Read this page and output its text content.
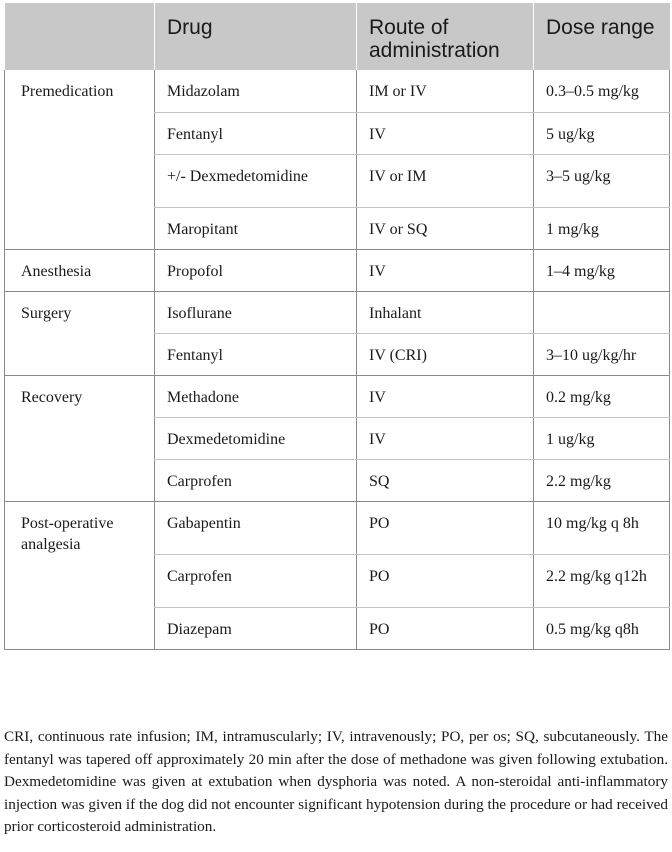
	Drug	Route of administration	Dose range

Premedication	Midazolam	IM or IV	0.3–0.5 mg/kg

	Fentanyl	IV	5 ug/kg

	+/- Dexmedetomidine	IV or IM	3–5 ug/kg

	Maropitant	IV or SQ	1 mg/kg

Anesthesia	Propofol	IV	1–4 mg/kg

Surgery	Isoflurane	Inhalant	

	Fentanyl	IV (CRI)	3–10 ug/kg/hr

Recovery	Methadone	IV	0.2 mg/kg

	Dexmedetomidine	IV	1 ug/kg

	Carprofen	SQ	2.2 mg/kg

Post-operative analgesia	Gabapentin	PO	10 mg/kg q 8h

	Carprofen	PO	2.2 mg/kg q12h

	Diazepam	PO	0.5 mg/kg q8h

CRI, continuous rate infusion; IM, intramuscularly; IV, intravenously; PO, per os; SQ, subcutaneously. The fentanyl was tapered off approximately 20 min after the dose of methadone was given following extubation. Dexmedetomidine was given at extubation when dysphoria was noted. A non-steroidal anti-inflammatory injection was given if the dog did not encounter significant hypotension during the procedure or had received prior corticosteroid administration.
